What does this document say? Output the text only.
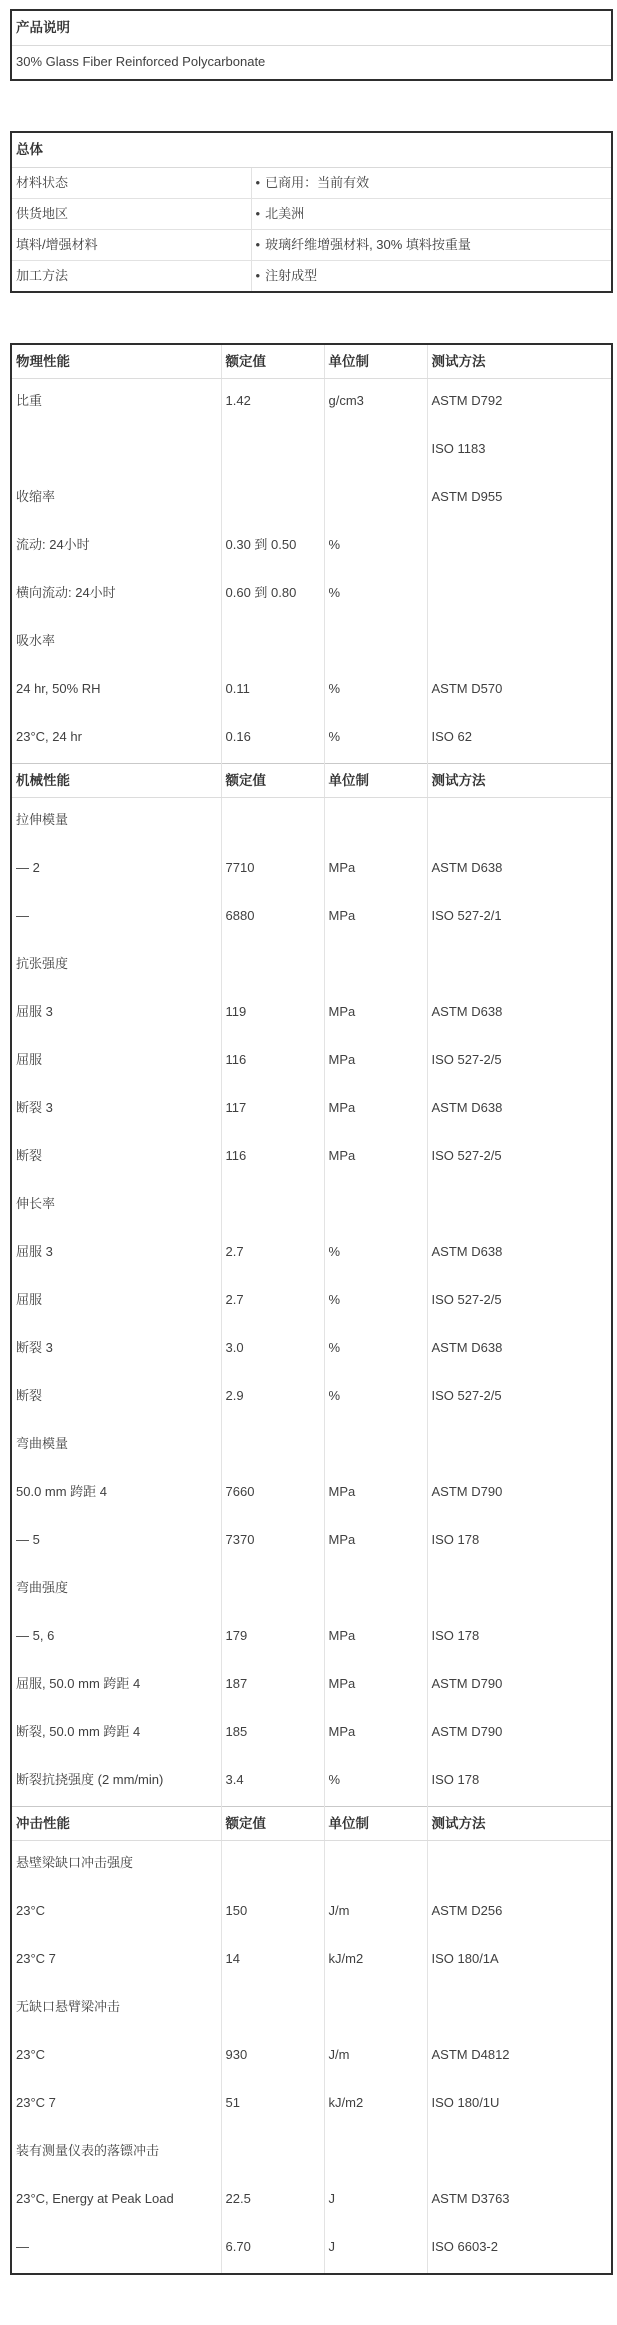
产品说明
30% Glass Fiber Reinforced Polycarbonate
总体	
材料状态	• 已商用：当前有效
供货地区	• 北美洲
填料/增强材料	• 玻璃纤维增强材料, 30% 填料按重量
加工方法	• 注射成型
物理性能	额定值	单位制	测试方法
比重	1.42	g/cm3	ASTM D792
			ISO 1183
收缩率			ASTM D955
流动: 24小时	0.30 到 0.50	%	
横向流动: 24小时	0.60 到 0.80	%	
吸水率			
24 hr, 50% RH	0.11	%	ASTM D570
23°C, 24 hr	0.16	%	ISO 62
机械性能	额定值	单位制	测试方法
拉伸模量			
— 2	7710	MPa	ASTM D638
—	6880	MPa	ISO 527-2/1
抗张强度			
屈服 3	119	MPa	ASTM D638
屈服	116	MPa	ISO 527-2/5
断裂 3	117	MPa	ASTM D638
断裂	116	MPa	ISO 527-2/5
伸长率			
屈服 3	2.7	%	ASTM D638
屈服	2.7	%	ISO 527-2/5
断裂 3	3.0	%	ASTM D638
断裂	2.9	%	ISO 527-2/5
弯曲模量			
50.0 mm 跨距 4	7660	MPa	ASTM D790
— 5	7370	MPa	ISO 178
弯曲强度			
— 5, 6	179	MPa	ISO 178
屈服, 50.0 mm 跨距 4	187	MPa	ASTM D790
断裂, 50.0 mm 跨距 4	185	MPa	ASTM D790
断裂抗挠强度 (2 mm/min)	3.4	%	ISO 178
冲击性能	额定值	单位制	测试方法
悬壁梁缺口冲击强度			
23°C	150	J/m	ASTM D256
23°C 7	14	kJ/m2	ISO 180/1A
无缺口悬臂梁冲击			
23°C	930	J/m	ASTM D4812
23°C 7	51	kJ/m2	ISO 180/1U
装有测量仪表的落镖冲击			
23°C, Energy at Peak Load	22.5	J	ASTM D3763
—	6.70	J	ISO 6603-2
